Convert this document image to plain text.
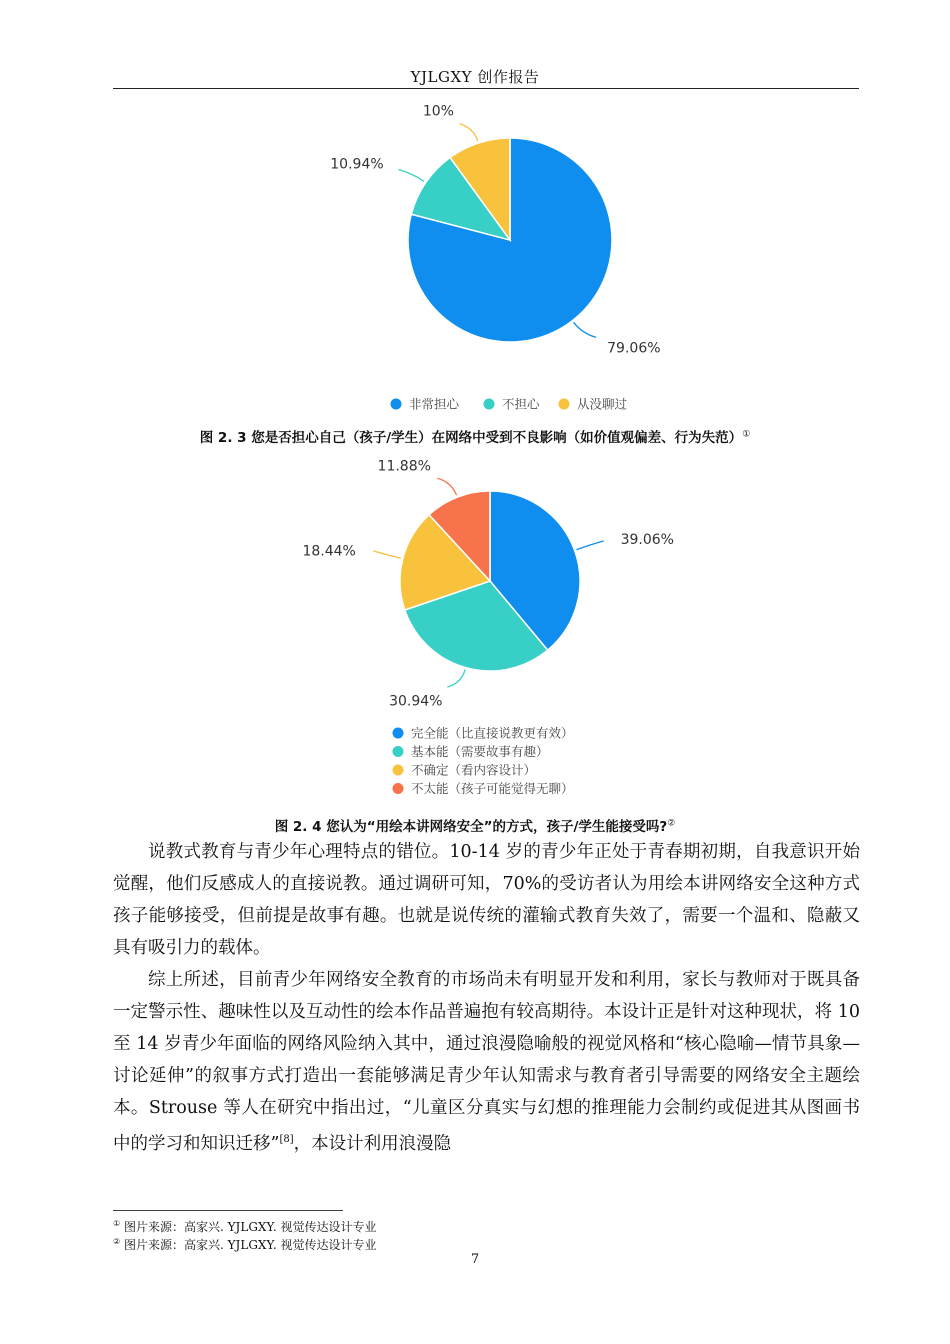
YJLGXY 创作报告
79.06%
10.94%
10%
非常担心	不担心	从没聊过
图 2. 3 您是否担心自己（孩子/学生）在网络中受到不良影响（如价值观偏差、行为失范）①
39.06%
30.94%
18.44%
11.88%
完全能（比直接说教更有效）
基本能（需要故事有趣）
不确定（看内容设计）
不太能（孩子可能觉得无聊）
图 2. 4 您认为“用绘本讲网络安全”的方式，孩子/学生能接受吗?②
说教式教育与青少年心理特点的错位。10-14 岁的青少年正处于青春期初期，自我意识开始觉醒，他们反感成人的直接说教。通过调研可知，70%的受访者认为用绘本讲网络安全这种方式孩子能够接受，但前提是故事有趣。也就是说传统的灌输式教育失效了，需要一个温和、隐蔽又具有吸引力的载体。
综上所述，目前青少年网络安全教育的市场尚未有明显开发和利用，家长与教师对于既具备一定警示性、趣味性以及互动性的绘本作品普遍抱有较高期待。本设计正是针对这种现状，将 10 至 14 岁青少年面临的网络风险纳入其中，通过浪漫隐喻般的视觉风格和“核心隐喻—情节具象—讨论延伸”的叙事方式打造出一套能够满足青少年认知需求与教育者引导需要的网络安全主题绘本。Strouse 等人在研究中指出过，“儿童区分真实与幻想的推理能力会制约或促进其从图画书中的学习和知识迁移”[8]，本设计利用浪漫隐
① 图片来源：高家兴. YJLGXY. 视觉传达设计专业
② 图片来源：高家兴. YJLGXY. 视觉传达设计专业
7
